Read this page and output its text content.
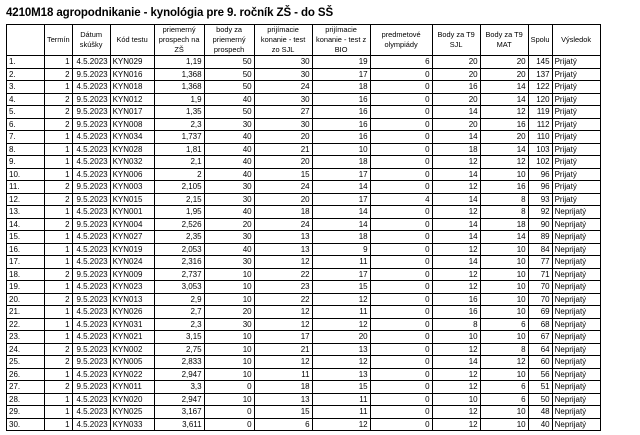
4210M18 agropodnikanie - kynológia pre 9. ročník ZŠ - do SŠ
	Termín	Dátum skúšky	Kód testu	priemerný prospech na ZŠ	body za priemerný prospech	prijímacie konanie - test zo SJL	prijímacie konanie - test z BIO	predmetové olympiády	Body za T9 SJL	Body za T9 MAT	Spolu	Výsledok
1.	1	4.5.2023	KYN029	1,19	50	30	19	6	20	20	145	Prijatý
2.	2	9.5.2023	KYN016	1,368	50	30	17	0	20	20	137	Prijatý
3.	1	4.5.2023	KYN018	1,368	50	24	18	0	16	14	122	Prijatý
4.	2	9.5.2023	KYN012	1,9	40	30	16	0	20	14	120	Prijatý
5.	2	9.5.2023	KYN017	1,35	50	27	16	0	14	12	119	Prijatý
6.	2	9.5.2023	KYN008	2,3	30	30	16	0	20	16	112	Prijatý
7.	1	4.5.2023	KYN034	1,737	40	20	16	0	14	20	110	Prijatý
8.	1	4.5.2023	KYN028	1,81	40	21	10	0	18	14	103	Prijatý
9.	1	4.5.2023	KYN032	2,1	40	20	18	0	12	12	102	Prijatý
10.	1	4.5.2023	KYN006	2	40	15	17	0	14	10	96	Prijatý
11.	2	9.5.2023	KYN003	2,105	30	24	14	0	12	16	96	Prijatý
12.	2	9.5.2023	KYN015	2,15	30	20	17	4	14	8	93	Prijatý
13.	1	4.5.2023	KYN001	1,95	40	18	14	0	12	8	92	Neprijatý
14.	2	9.5.2023	KYN004	2,526	20	24	14	0	14	18	90	Neprijatý
15.	1	4.5.2023	KYN027	2,35	30	13	18	0	14	14	89	Neprijatý
16.	1	4.5.2023	KYN019	2,053	40	13	9	0	12	10	84	Neprijatý
17.	1	4.5.2023	KYN024	2,316	30	12	11	0	14	10	77	Neprijatý
18.	2	9.5.2023	KYN009	2,737	10	22	17	0	12	10	71	Neprijatý
19.	1	4.5.2023	KYN023	3,053	10	23	15	0	12	10	70	Neprijatý
20.	2	9.5.2023	KYN013	2,9	10	22	12	0	16	10	70	Neprijatý
21.	1	4.5.2023	KYN026	2,7	20	12	11	0	16	10	69	Neprijatý
22.	1	4.5.2023	KYN031	2,3	30	12	12	0	8	6	68	Neprijatý
23.	1	4.5.2023	KYN021	3,15	10	17	20	0	10	10	67	Neprijatý
24.	2	9.5.2023	KYN002	2,75	10	21	13	0	12	8	64	Neprijatý
25.	2	9.5.2023	KYN005	2,833	10	12	12	0	14	12	60	Neprijatý
26.	1	4.5.2023	KYN022	2,947	10	11	13	0	12	10	56	Neprijatý
27.	2	9.5.2023	KYN011	3,3	0	18	15	0	12	6	51	Neprijatý
28.	1	4.5.2023	KYN020	2,947	10	13	11	0	10	6	50	Neprijatý
29.	1	4.5.2023	KYN025	3,167	0	15	11	0	12	10	48	Neprijatý
30.	1	4.5.2023	KYN033	3,611	0	6	12	0	12	10	40	Neprijatý
